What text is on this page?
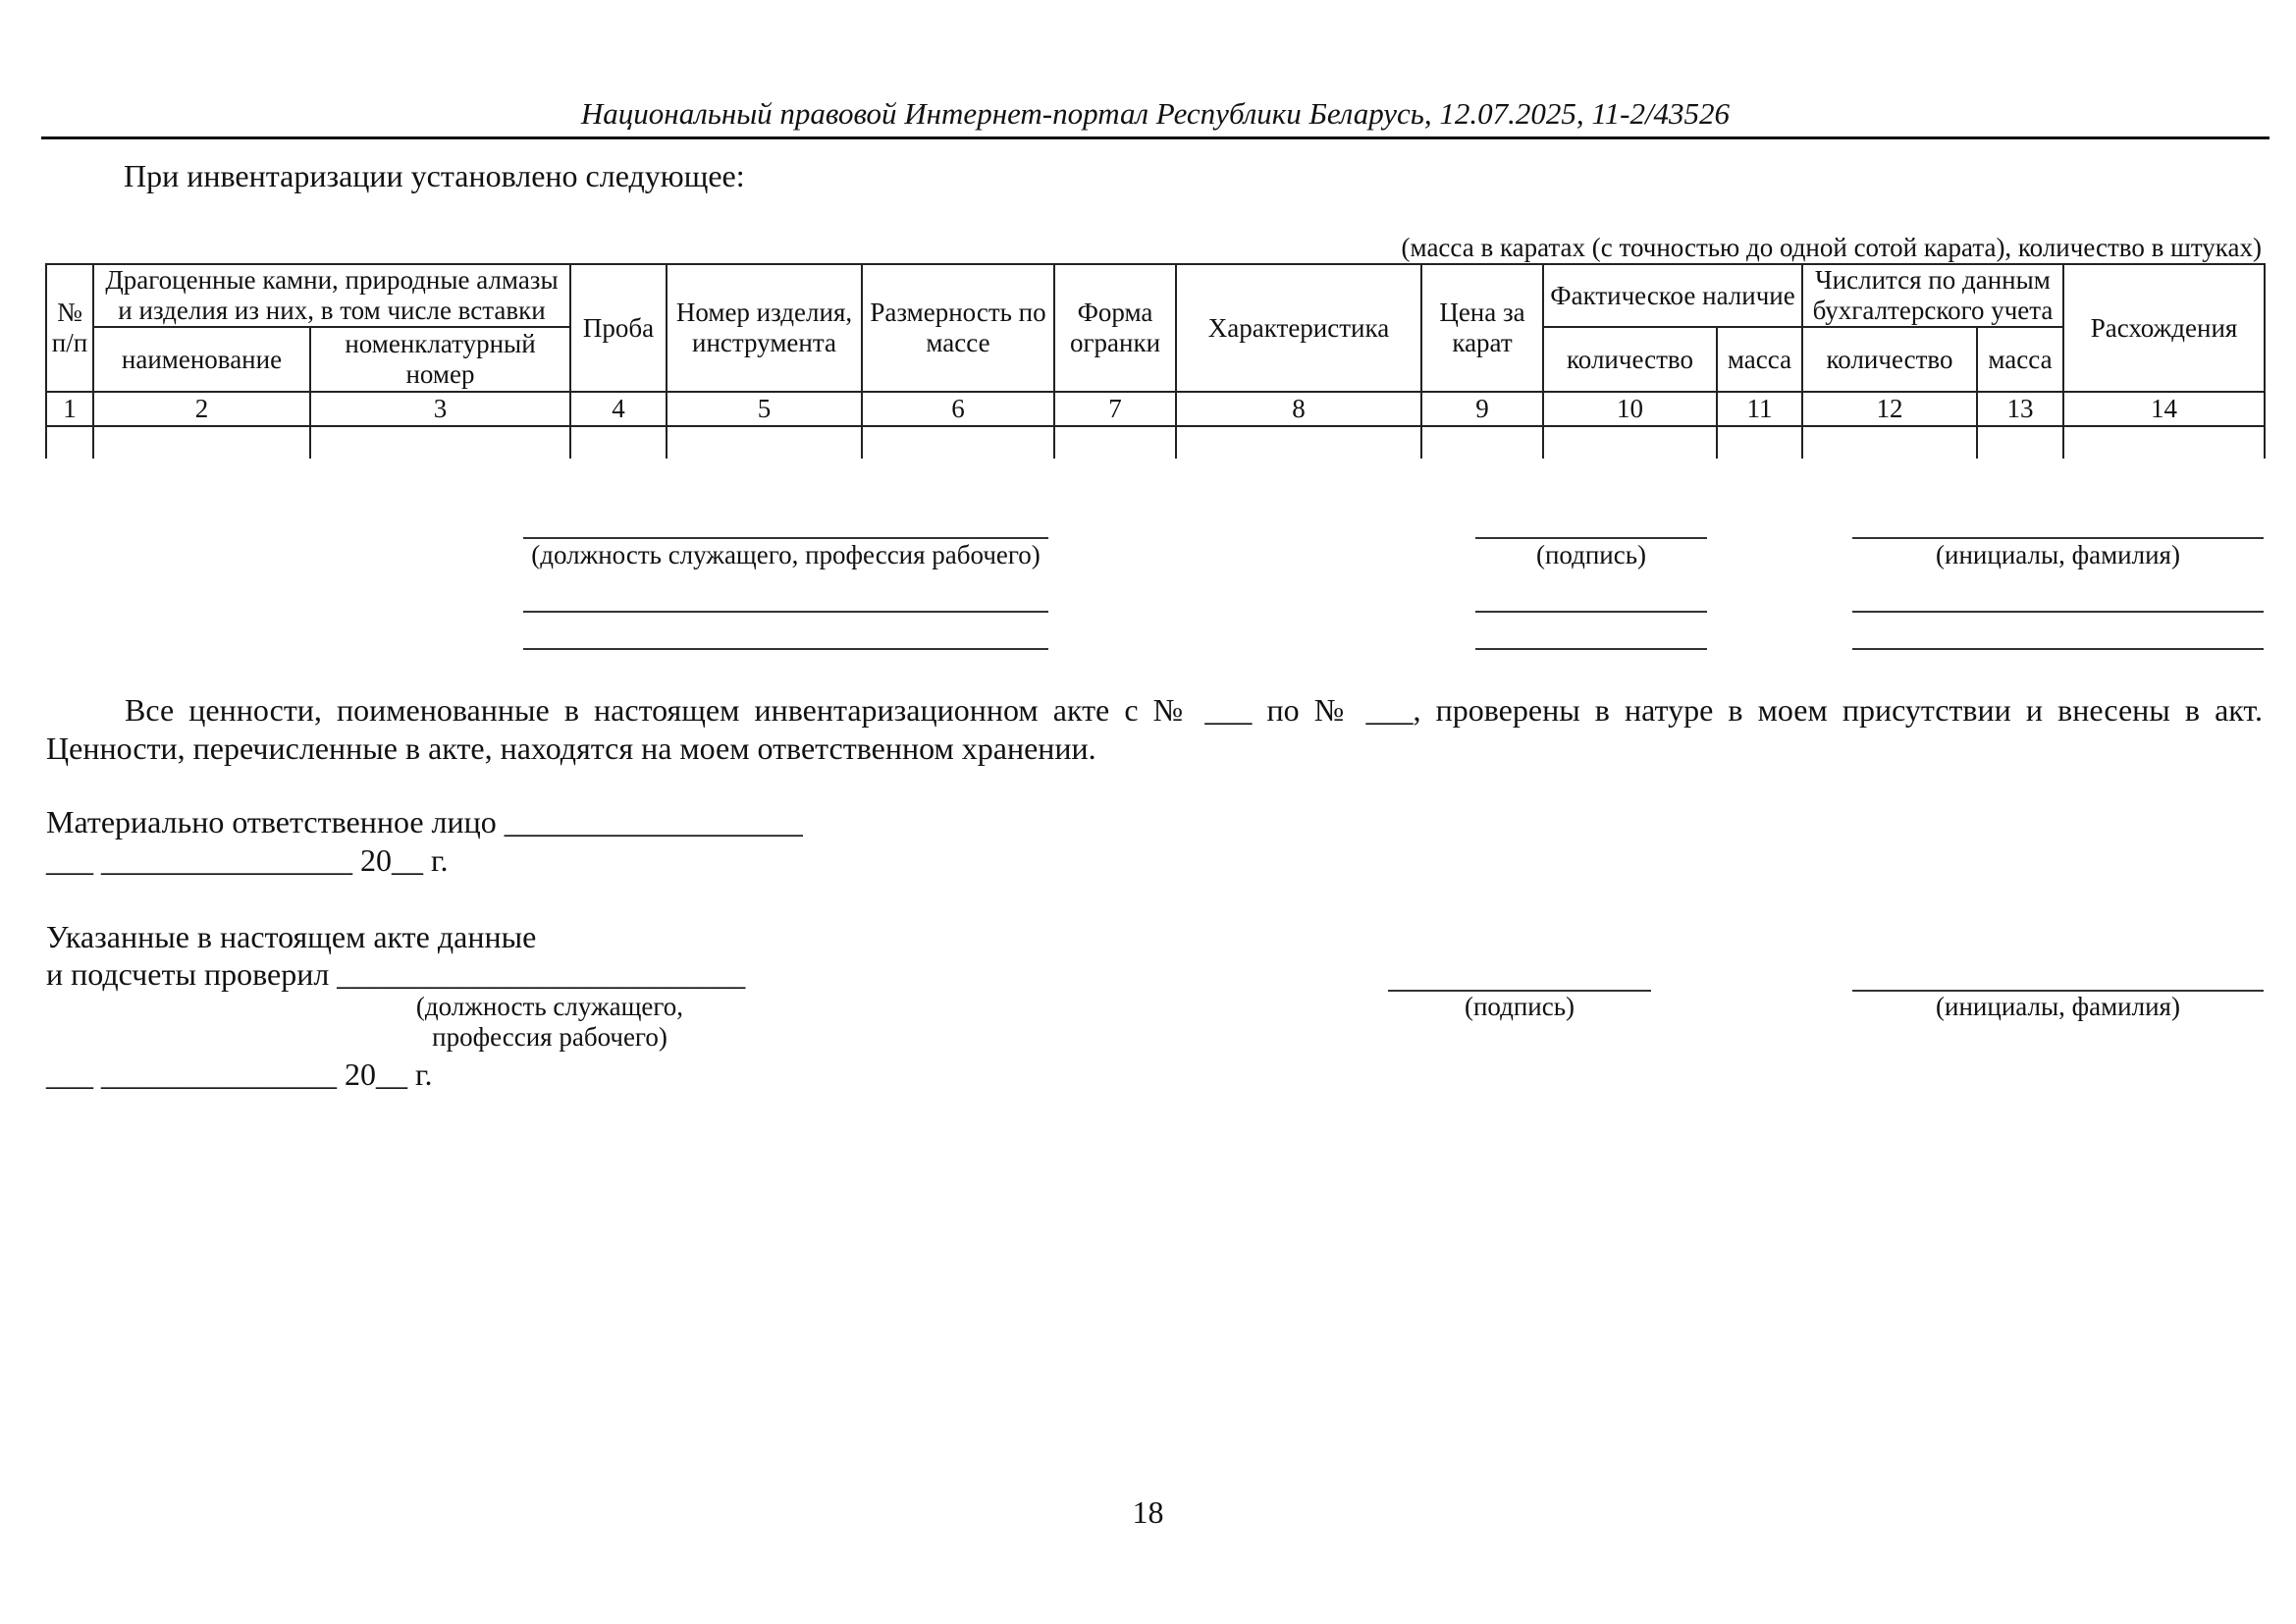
Национальный правовой Интернет-портал Республики Беларусь, 12.07.2025, 11-2/43526
При инвентаризации установлено следующее:
(масса в каратах (с точностью до одной сотой карата), количество в штуках)
№ п/п	Драгоценные камни, природные алмазы и изделия из них, в том числе вставки		Проба	Номер изделия, инструмента	Размерность по массе	Форма огранки	Характеристика	Цена за карат	Фактическое наличие		Числится по данным бухгалтерского учета		Расхождения
	наименование	номенклатурный номер							количество	масса	количество	масса	
1	2	3	4	5	6	7	8	9	10	11	12	13	14

(должность служащего, профессия рабочего)	(подпись)	(инициалы, фамилия)
Все ценности, поименованные в настоящем инвентаризационном акте с № ___ по № ___, проверены в натуре в моем присутствии и внесены в акт.
Ценности, перечисленные в акте, находятся на моем ответственном хранении.
Материально ответственное лицо ___________________
___ ________________ 20__ г.
Указанные в настоящем акте данные
и подсчеты проверил __________________________
(должность служащего,
профессия рабочего)
(подпись)	(инициалы, фамилия)
___ _______________ 20__ г.
18
